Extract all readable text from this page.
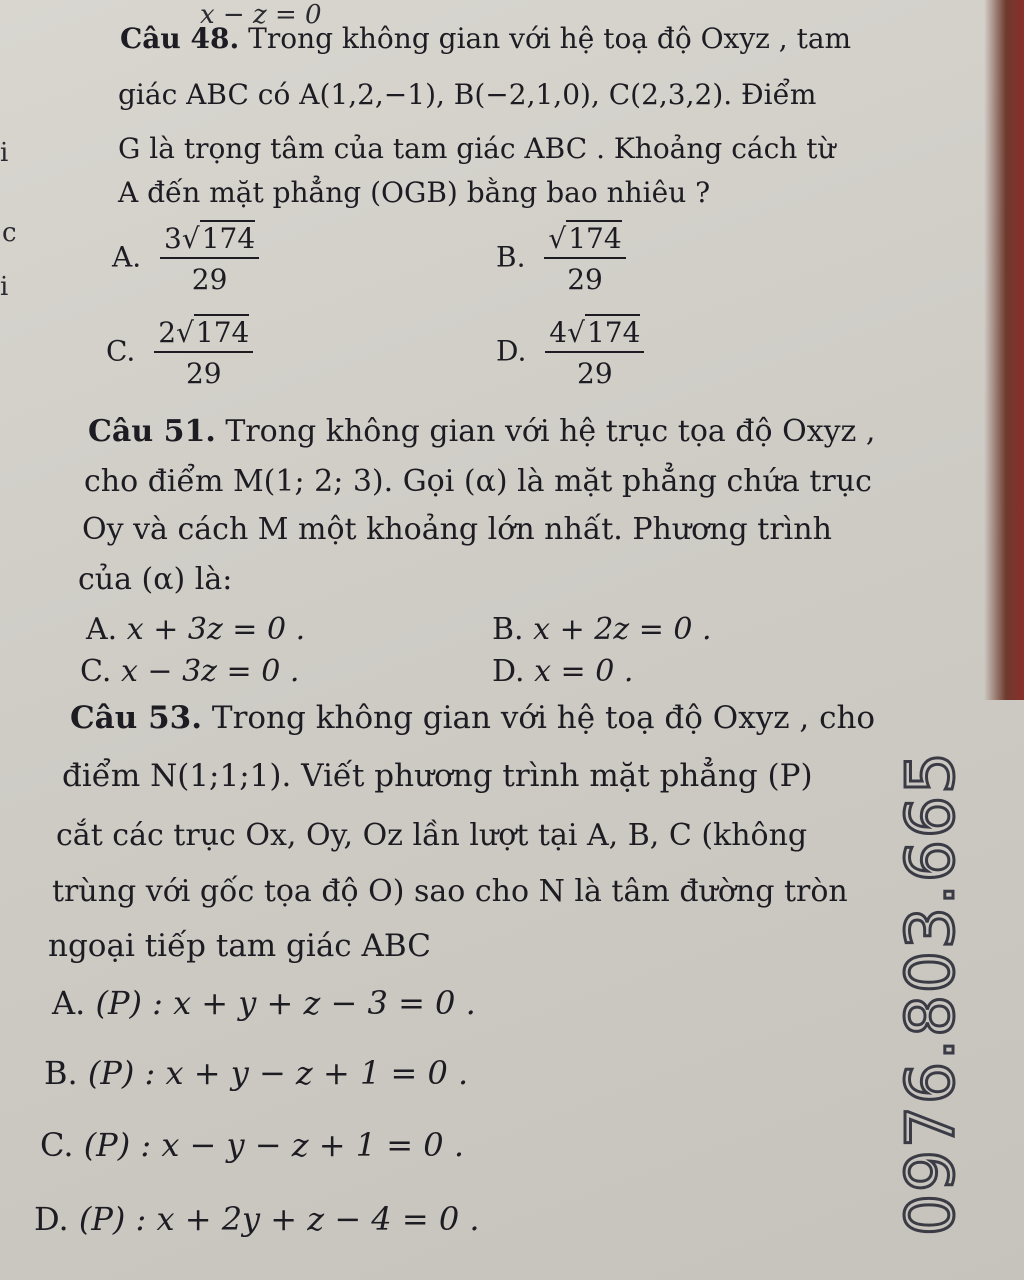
x − z = 0
i
c
i
Câu 48. Trong không gian với hệ toạ độ Oxyz , tam
giác ABC có A(1,2,−1), B(−2,1,0), C(2,3,2). Điểm
G là trọng tâm của tam giác ABC . Khoảng cách từ
A đến mặt phẳng (OGB) bằng bao nhiêu ?
A. $\frac{3√174}{29}$	B. $\frac{√174}{29}$
C. $\frac{2√174}{29}$	D. $\frac{4√174}{29}$
Câu 51. Trong không gian với hệ trục tọa độ Oxyz ,
cho điểm M(1; 2; 3). Gọi (α) là mặt phẳng chứa trục
Oy và cách M một khoảng lớn nhất. Phương trình
của (α) là:
A. x + 3z = 0 .	B. x + 2z = 0 .
C. x − 3z = 0 .	D. x = 0 .
Câu 53. Trong không gian với hệ toạ độ Oxyz , cho
điểm N(1;1;1). Viết phương trình mặt phẳng (P)
cắt các trục Ox, Oy, Oz lần lượt tại A, B, C (không
trùng với gốc tọa độ O) sao cho N là tâm đường tròn
ngoại tiếp tam giác ABC
A. (P) : x + y + z − 3 = 0 .
B. (P) : x + y − z + 1 = 0 .
C. (P) : x − y − z + 1 = 0 .
D. (P) : x + 2y + z − 4 = 0 .	0976.803.665
